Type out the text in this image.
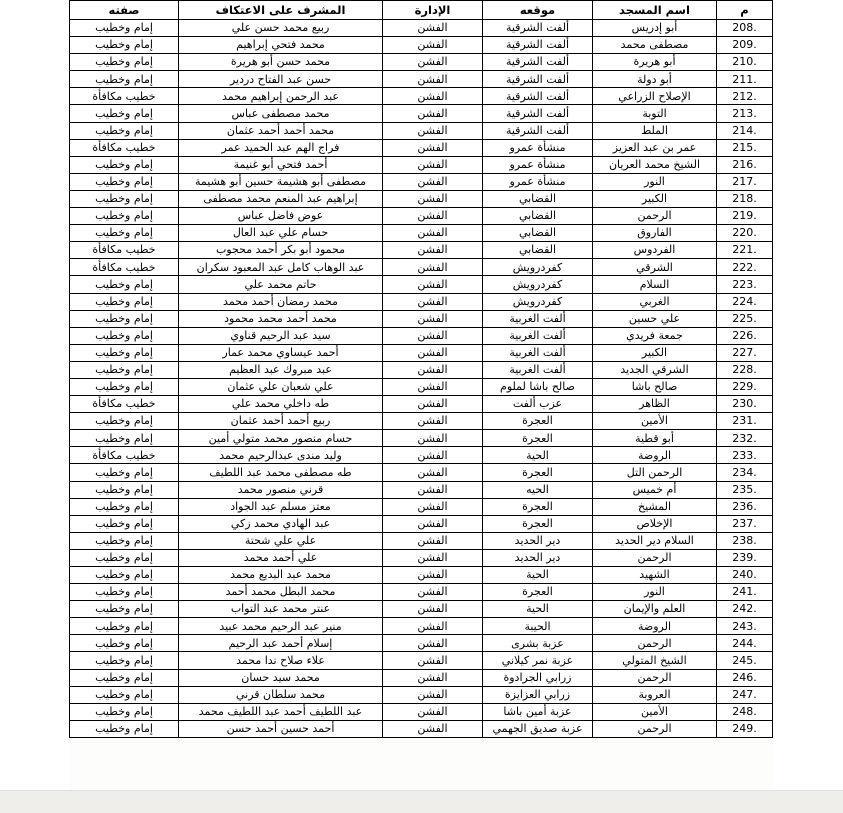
م	اسم المسجد	موقعه	الإدارة	المشرف على الاعتكاف	صفته
208.	أبو إدريس	ألفت الشرقية	الفشن	ربيع محمد حسن علي	إمام وخطيب
209.	مصطفى محمد	ألفت الشرقية	الفشن	محمد فتحي إبراهيم	إمام وخطيب
210.	أبو هريرة	ألفت الشرقية	الفشن	محمد حسن أبو هريرة	إمام وخطيب
211.	أبو دولة	ألفت الشرقية	الفشن	حسن عبد الفتاح دردير	إمام وخطيب
212.	الإصلاح الزراعي	ألفت الشرقية	الفشن	عبد الرحمن إبراهيم محمد	خطيب مكافأة
213.	التوبة	ألفت الشرقية	الفشن	محمد مصطفى عباس	إمام وخطيب
214.	الملط	ألفت الشرقية	الفشن	محمد أحمد أحمد عثمان	إمام وخطيب
215.	عمر بن عبد العزيز	منشأة عمرو	الفشن	فراج الهم عبد الحميد عمر	خطيب مكافأة
216.	الشيخ محمد العريان	منشأة عمرو	الفشن	أحمد فتحي أبو غنيمة	إمام وخطيب
217.	النور	منشأة عمرو	الفشن	مصطفى أبو هشيمة حسين أبو هشيمة	إمام وخطيب
218.	الكبير	القضابي	الفشن	إبراهيم عبد المنعم محمد مصطفى	إمام وخطيب
219.	الرحمن	القضابي	الفشن	عوض فاضل عباس	إمام وخطيب
220.	الفاروق	القضابي	الفشن	حسام علي عبد العال	إمام وخطيب
221.	الفردوس	القضابي	الفشن	محمود أبو بكر أحمد محجوب	خطيب مكافأة
222.	الشرقي	كفردرويش	الفشن	عبد الوهاب كامل عبد المعبود سكران	خطيب مكافأة
223.	السلام	كفردرويش	الفشن	حاتم محمد علي	إمام وخطيب
224.	الغربي	كفردرويش	الفشن	محمد رمضان أحمد محمد	إمام وخطيب
225.	علي حسين	ألفت الغربية	الفشن	محمد أحمد محمد محمود	إمام وخطيب
226.	جمعة فريدي	ألفت الغربية	الفشن	سيد عبد الرحيم قناوي	إمام وخطيب
227.	الكبير	ألفت الغربية	الفشن	أحمد عيساوي محمد عمار	إمام وخطيب
228.	الشرقي الجديد	ألفت الغربية	الفشن	عبد مبروك عبد العظيم	إمام وخطيب
229.	صالح باشا	صالح باشا لملوم	الفشن	علي شعبان علي عثمان	إمام وخطيب
230.	الظاهر	عزب ألفت	الفشن	طه داخلي محمد علي	خطيب مكافأة
231.	الأمين	العجرة	الفشن	ربيع أحمد أحمد عثمان	إمام وخطيب
232.	أبو قطية	العجرة	الفشن	حسام منصور محمد متولي أمين	إمام وخطيب
233.	الروضة	الحية	الفشن	وليد مندى عبدالرحيم محمد	خطيب مكافأة
234.	الرحمن التل	العجرة	الفشن	طه مصطفى محمد عبد اللطيف	إمام وخطيب
235.	أم خميس	الحيه	الفشن	قرني منصور محمد	إمام وخطيب
236.	المشيخ	العجرة	الفشن	معتز مسلم عبد الجواد	إمام وخطيب
237.	الإخلاص	العجرة	الفشن	عبد الهادي محمد زكي	إمام وخطيب
238.	السلام دير الحديد	دير الحديد	الفشن	علي علي شحتة	إمام وخطيب
239.	الرحمن	دير الحديد	الفشن	علي أحمد محمد	إمام وخطيب
240.	الشهيد	الحية	الفشن	محمد عبد البديع محمد	إمام وخطيب
241.	النور	العجرة	الفشن	محمد البطل محمد أحمد	إمام وخطيب
242.	العلم والإيمان	الحية	الفشن	عنتر محمد عبد التواب	إمام وخطيب
243.	الروضة	الحيبة	الفشن	منير عبد الرحيم محمد عبيد	إمام وخطيب
244.	الرحمن	عزبة بشرى	الفشن	إسلام أحمد عبد الرحيم	إمام وخطيب
245.	الشيخ المتولي	عزبة نمر كيلاني	الفشن	علاء صلاح ندا محمد	إمام وخطيب
246.	الرحمن	زرابي الجرادوة	الفشن	محمد سيد حسان	إمام وخطيب
247.	العروبة	زرابي العزايزة	الفشن	محمد سلطان قرني	إمام وخطيب
248.	الأمين	عزبة أمين باشا	الفشن	عبد اللطيف أحمد عبد اللطيف محمد	إمام وخطيب
249.	الرحمن	عزبة صديق الجهمي	الفشن	أحمد حسين أحمد حسن	إمام وخطيب
